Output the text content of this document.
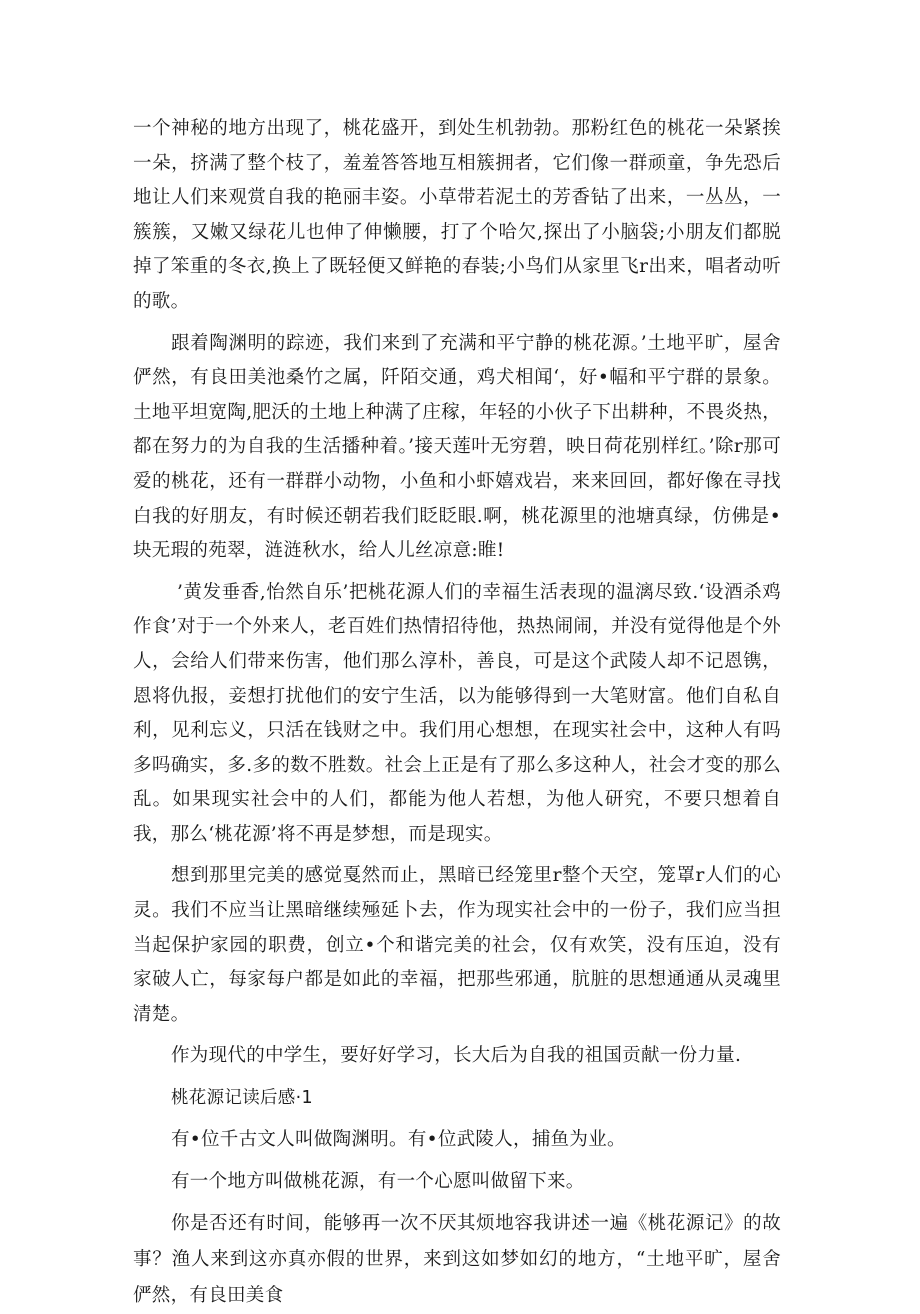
一个神秘的地方出现了，桃花盛开，到处生机勃勃。那粉红色的桃花一朵紧挨一朵，挤满了整个枝了，羞羞答答地互相簇拥者，它们像一群顽童，争先恐后地让人们来观赏自我的艳丽丰姿。小草带若泥土的芳香钻了出来，一丛丛，一簇簇，又嫩又绿花儿也伸了伸懒腰，打了个哈欠,探出了小脑袋;小朋友们都脱掉了笨重的冬衣,换上了既轻便又鲜艳的春装;小鸟们从家里飞r出来，唱者动听的歌。

跟着陶渊明的踪迹，我们来到了充满和平宁静的桃花源。’土地平旷，屋舍俨然，有良田美池桑竹之属，阡陌交通，鸡犬相闻‘，好•幅和平宁群的景象。土地平坦宽陶,肥沃的土地上种满了庄稼，年轻的小伙子下出耕种，不畏炎热，都在努力的为自我的生活播种着。’接天莲叶无穷碧，映日荷花别样红。’除r那可爱的桃花，还有一群群小动物，小鱼和小虾嬉戏岩，来来回回，都好像在寻找白我的好朋友，有时候还朝若我们眨眨眼.啊，桃花源里的池塘真绿，仿佛是•块无瑕的苑翠，涟涟秋水，给人儿丝凉意:睢!

’黄发垂香,怡然自乐’把桃花源人们的幸福生活表现的温漓尽致.‘设酒杀鸡作食’对于一个外来人，老百姓们热情招待他，热热闹闹，并没有觉得他是个外人，会给人们带来伤害，他们那么淳朴，善良，可是这个武陵人却不记恩镌，恩将仇报，妾想打扰他们的安宁生活，以为能够得到一大笔财富。他们自私自利，见利忘义，只活在钱财之中。我们用心想想，在现实社会中，这种人有吗多吗确实，多.多的数不胜数。社会上正是有了那么多这种人，社会才变的那么乱。如果现实社会中的人们，都能为他人若想，为他人研究，不要只想着自我，那么‘桃花源’将不再是梦想，而是现实。

想到那里完美的感觉戛然而止，黑暗已经笼里r整个天空，笼罩r人们的心灵。我们不应当让黑暗继续殛延卜去，作为现实社会中的一份子，我们应当担当起保护家园的职费，创立•个和谐完美的社会，仅有欢笑，没有压迫，没有家破人亡，每家每户都是如此的幸福，把那些邪通，肮脏的思想通通从灵魂里清楚。

作为现代的中学生，要好好学习，长大后为自我的祖国贡献一份力量.

桃花源记读后感·1

有•位千古文人叫做陶渊明。有•位武陵人，捕鱼为业。

有一个地方叫做桃花源，有一个心愿叫做留下来。

你是否还有时间，能够再一次不厌其烦地容我讲述一遍《桃花源记》的故事？渔人来到这亦真亦假的世界，来到这如梦如幻的地方，“土地平旷，屋舍俨然，有良田美食
